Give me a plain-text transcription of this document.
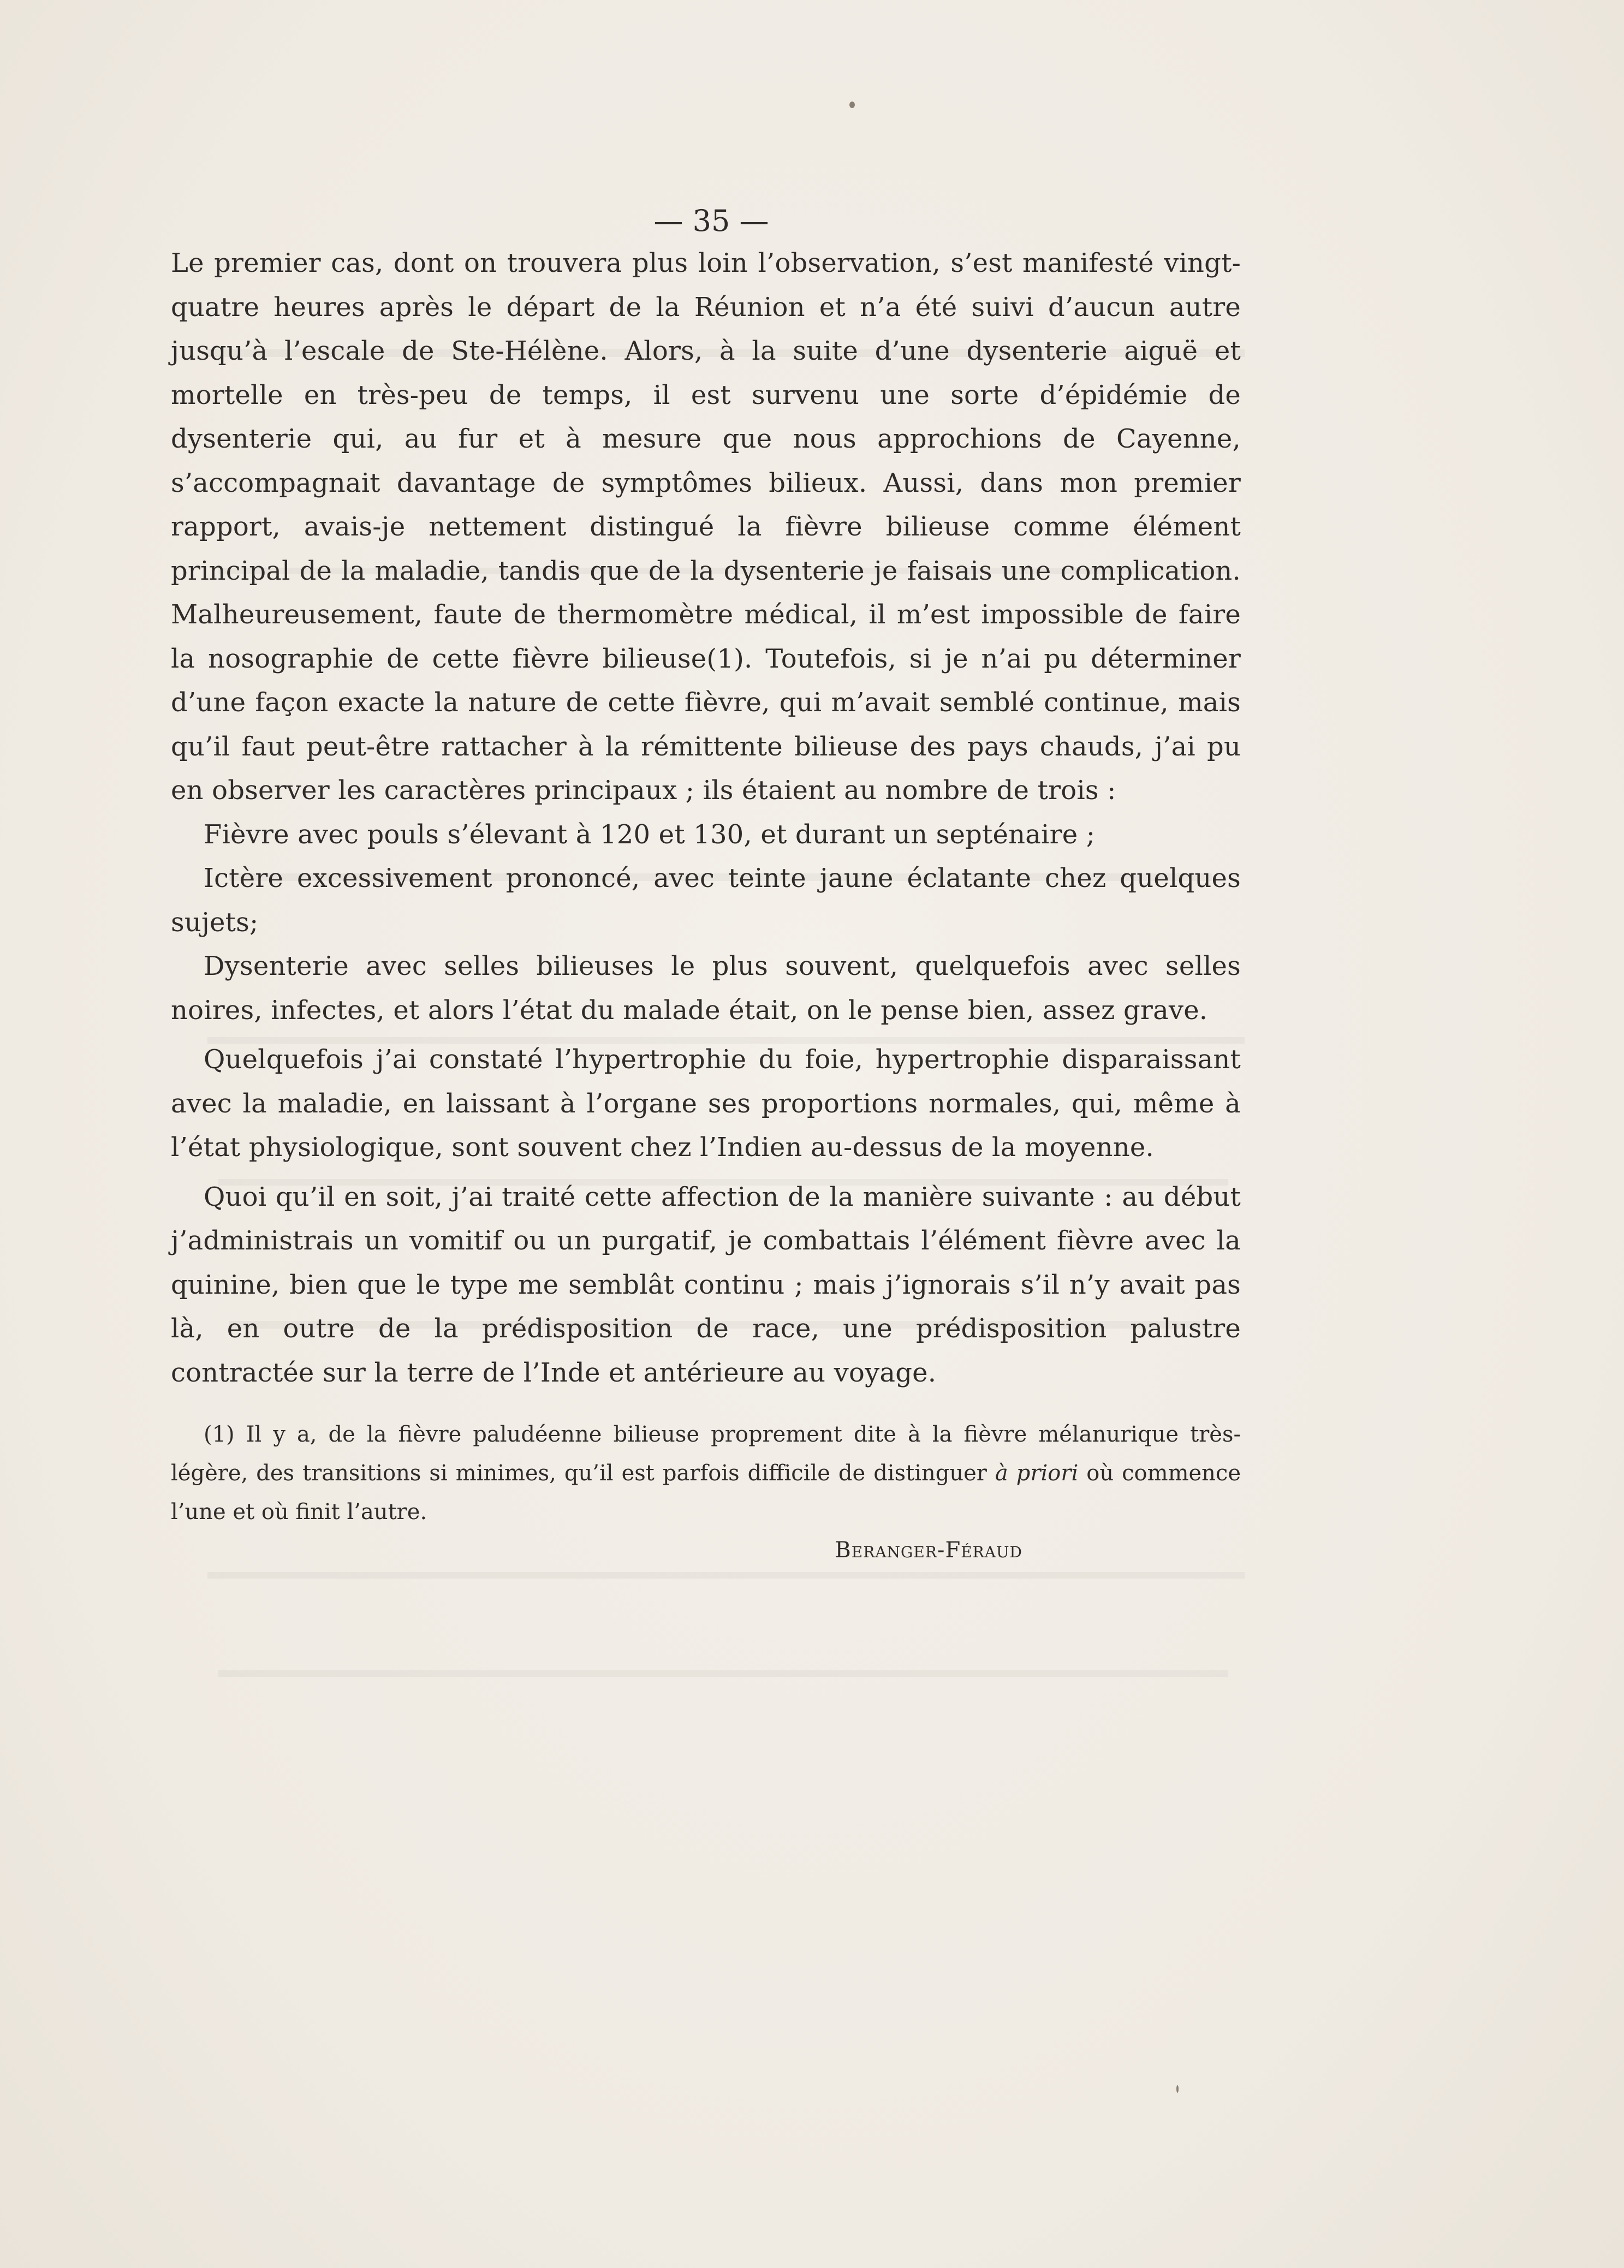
— 35 —

Le premier cas, dont on trouvera plus loin l’observation, s’est manifesté vingt-quatre heures après le départ de la Réunion et n’a été suivi d’aucun autre jusqu’à l’escale de Ste-Hélène. Alors, à la suite d’une dysenterie aiguë et mortelle en très-peu de temps, il est survenu une sorte d’épidémie de dysenterie qui, au fur et à mesure que nous approchions de Cayenne, s’accompagnait davantage de symptômes bilieux. Aussi, dans mon premier rapport, avais-je nettement distingué la fièvre bilieuse comme élément principal de la maladie, tandis que de la dysenterie je faisais une complication. Malheureusement, faute de thermomètre médical, il m’est impossible de faire la nosographie de cette fièvre bilieuse(1). Toutefois, si je n’ai pu déterminer d’une façon exacte la nature de cette fièvre, qui m’avait semblé continue, mais qu’il faut peut-être rattacher à la rémittente bilieuse des pays chauds, j’ai pu en observer les caractères principaux ; ils étaient au nombre de trois :

Fièvre avec pouls s’élevant à 120 et 130, et durant un septénaire ;

Ictère excessivement prononcé, avec teinte jaune éclatante chez quelques sujets;

Dysenterie avec selles bilieuses le plus souvent, quelquefois avec selles noires, infectes, et alors l’état du malade était, on le pense bien, assez grave.

Quelquefois j’ai constaté l’hypertrophie du foie, hypertrophie disparaissant avec la maladie, en laissant à l’organe ses proportions normales, qui, même à l’état physiologique, sont souvent chez l’Indien au-dessus de la moyenne.

Quoi qu’il en soit, j’ai traité cette affection de la manière suivante : au début j’administrais un vomitif ou un purgatif, je combattais l’élément fièvre avec la quinine, bien que le type me semblât continu ; mais j’ignorais s’il n’y avait pas là, en outre de la prédisposition de race, une prédisposition palustre contractée sur la terre de l’Inde et antérieure au voyage.

(1) Il y a, de la fièvre paludéenne bilieuse proprement dite à la fièvre mélanurique très-légère, des transitions si minimes, qu’il est parfois difficile de distinguer à priori où commence l’une et où finit l’autre.
Beranger-Féraud
